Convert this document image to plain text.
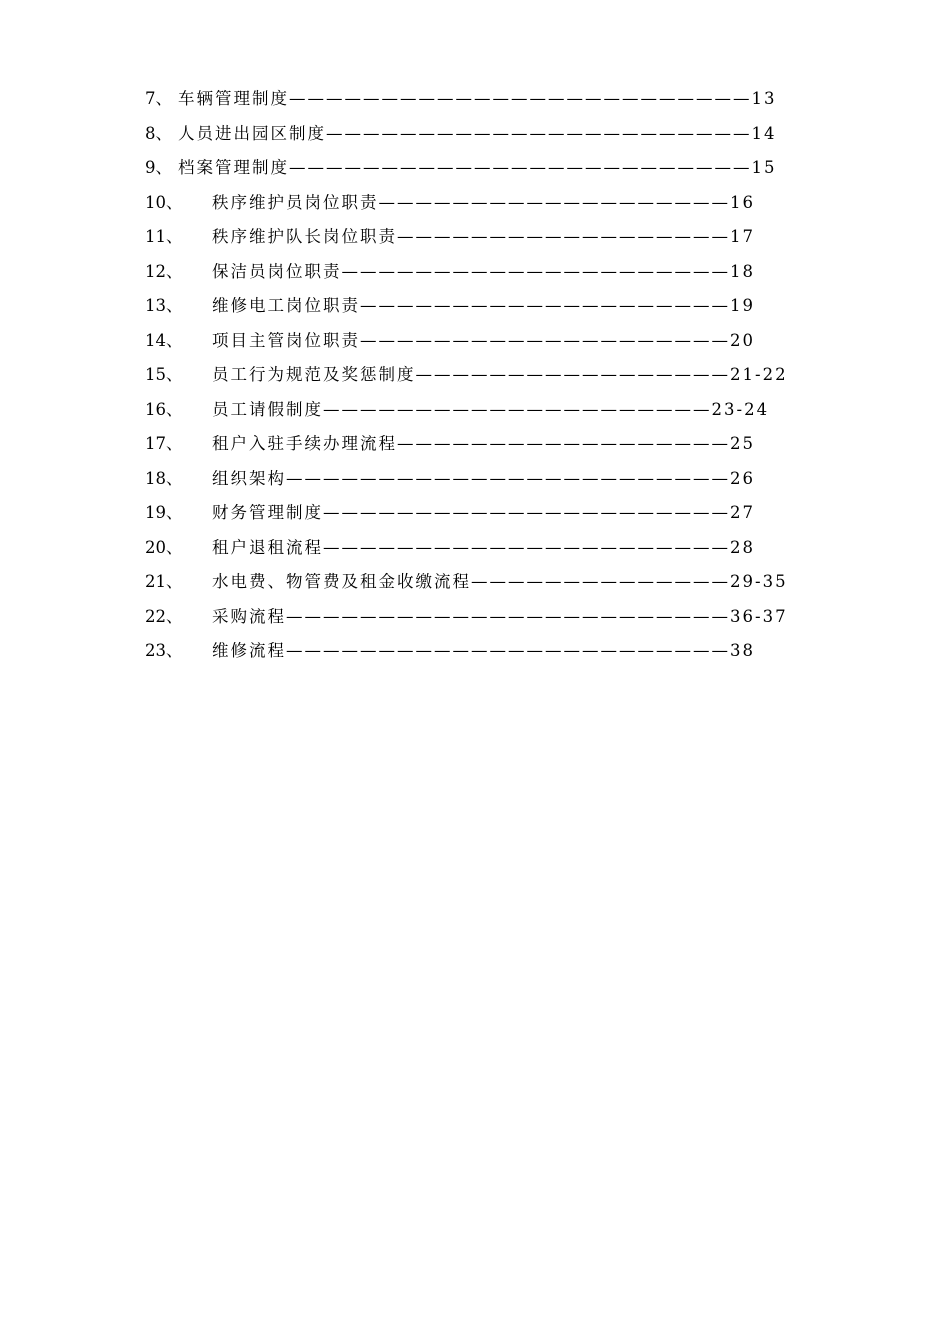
7、 车辆管理制度—————————————————————————13
8、 人员进出园区制度———————————————————————14
9、 档案管理制度—————————————————————————15
10、 秩序维护员岗位职责———————————————————16
11、 秩序维护队长岗位职责——————————————————17
12、 保洁员岗位职责—————————————————————18
13、 维修电工岗位职责————————————————————19
14、 项目主管岗位职责————————————————————20
15、 员工行为规范及奖惩制度—————————————————21-22
16、 员工请假制度—————————————————————23-24
17、 租户入驻手续办理流程——————————————————25
18、 组织架构————————————————————————26
19、 财务管理制度——————————————————————27
20、 租户退租流程——————————————————————28
21、 水电费、物管费及租金收缴流程——————————————29-35
22、 采购流程————————————————————————36-37
23、 维修流程————————————————————————38
